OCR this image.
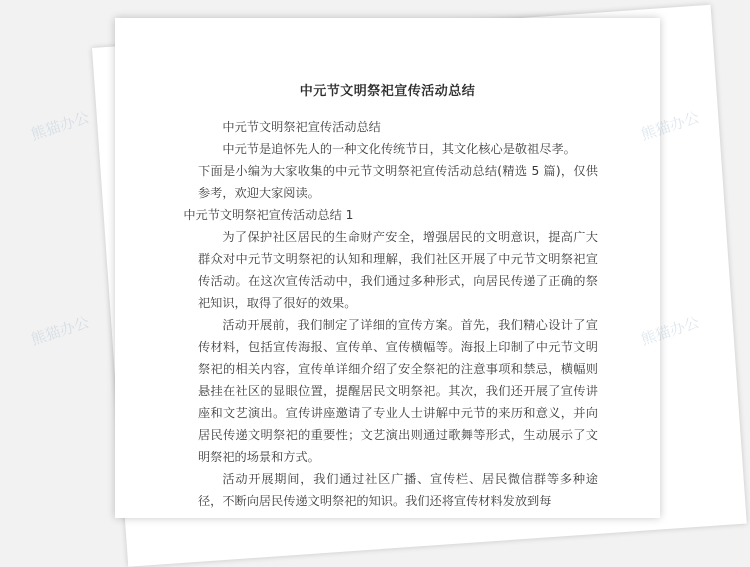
中元节文明祭祀宣传活动总结

中元节文明祭祀宣传活动总结

中元节是追怀先人的一种文化传统节日，其文化核心是敬祖尽孝。

下面是小编为大家收集的中元节文明祭祀宣传活动总结(精选 5 篇)，仅供参考，欢迎大家阅读。

中元节文明祭祀宣传活动总结 1

为了保护社区居民的生命财产安全，增强居民的文明意识，提高广大群众对中元节文明祭祀的认知和理解，我们社区开展了中元节文明祭祀宣传活动。在这次宣传活动中，我们通过多种形式，向居民传递了正确的祭祀知识，取得了很好的效果。

活动开展前，我们制定了详细的宣传方案。首先，我们精心设计了宣传材料，包括宣传海报、宣传单、宣传横幅等。海报上印制了中元节文明祭祀的相关内容，宣传单详细介绍了安全祭祀的注意事项和禁忌，横幅则悬挂在社区的显眼位置，提醒居民文明祭祀。其次，我们还开展了宣传讲座和文艺演出。宣传讲座邀请了专业人士讲解中元节的来历和意义，并向居民传递文明祭祀的重要性；文艺演出则通过歌舞等形式，生动展示了文明祭祀的场景和方式。

活动开展期间，我们通过社区广播、宣传栏、居民微信群等多种途径，不断向居民传递文明祭祀的知识。我们还将宣传材料发放到每

熊猫办公	熊猫办公
熊猫办公	熊猫办公
